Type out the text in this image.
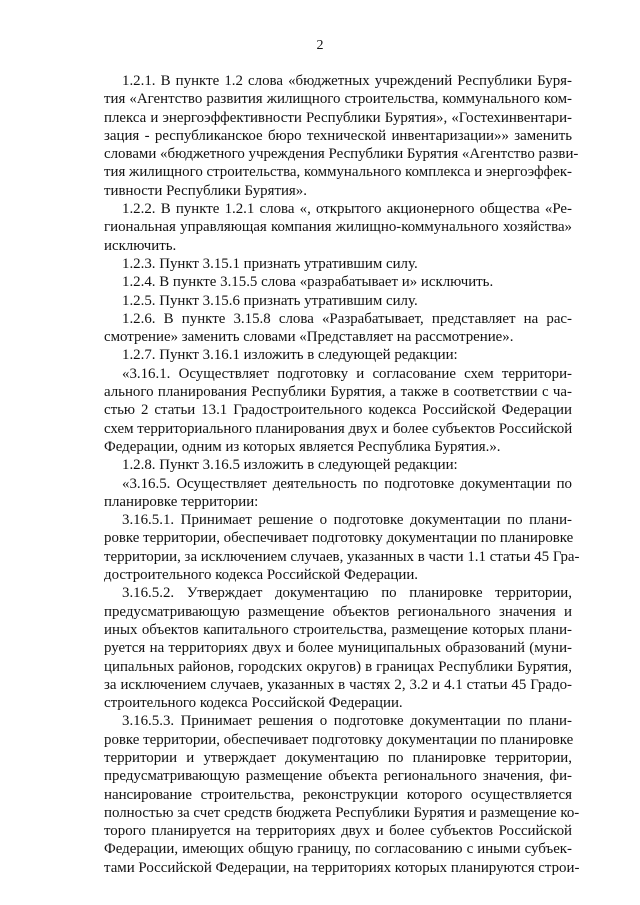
2
1.2.1. В пункте 1.2 слова «бюджетных учреждений Республики Буря-
тия «Агентство развития жилищного строительства, коммунального ком-
плекса и энергоэффективности Республики Бурятия», «Гостехинвентари-
зация - республиканское бюро технической инвентаризации»» заменить
словами «бюджетного учреждения Республики Бурятия «Агентство разви-
тия жилищного строительства, коммунального комплекса и энергоэффек-
тивности Республики Бурятия».
1.2.2. В пункте 1.2.1 слова «, открытого акционерного общества «Ре-
гиональная управляющая компания жилищно-коммунального хозяйства»
исключить.
1.2.3. Пункт 3.15.1 признать утратившим силу.
1.2.4. В пункте 3.15.5 слова «разрабатывает и» исключить.
1.2.5. Пункт 3.15.6 признать утратившим силу.
1.2.6. В пункте 3.15.8 слова «Разрабатывает, представляет на рас-
смотрение» заменить словами «Представляет на рассмотрение».
1.2.7. Пункт 3.16.1 изложить в следующей редакции:
«3.16.1. Осуществляет подготовку и согласование схем территори-
ального планирования Республики Бурятия, а также в соответствии с ча-
стью 2 статьи 13.1 Градостроительного кодекса Российской Федерации
схем территориального планирования двух и более субъектов Российской
Федерации, одним из которых является Республика Бурятия.».
1.2.8. Пункт 3.16.5 изложить в следующей редакции:
«3.16.5. Осуществляет деятельность по подготовке документации по
планировке территории:
3.16.5.1. Принимает решение о подготовке документации по плани-
ровке территории, обеспечивает подготовку документации по планировке
территории, за исключением случаев, указанных в части 1.1 статьи 45 Гра-
достроительного кодекса Российской Федерации.
3.16.5.2. Утверждает документацию по планировке территории,
предусматривающую размещение объектов регионального значения и
иных объектов капитального строительства, размещение которых плани-
руется на территориях двух и более муниципальных образований (муни-
ципальных районов, городских округов) в границах Республики Бурятия,
за исключением случаев, указанных в частях 2, 3.2 и 4.1 статьи 45 Градо-
строительного кодекса Российской Федерации.
3.16.5.3. Принимает решения о подготовке документации по плани-
ровке территории, обеспечивает подготовку документации по планировке
территории и утверждает документацию по планировке территории,
предусматривающую размещение объекта регионального значения, фи-
нансирование строительства, реконструкции которого осуществляется
полностью за счет средств бюджета Республики Бурятия и размещение ко-
торого планируется на территориях двух и более субъектов Российской
Федерации, имеющих общую границу, по согласованию с иными субъек-
тами Российской Федерации, на территориях которых планируются строи-
